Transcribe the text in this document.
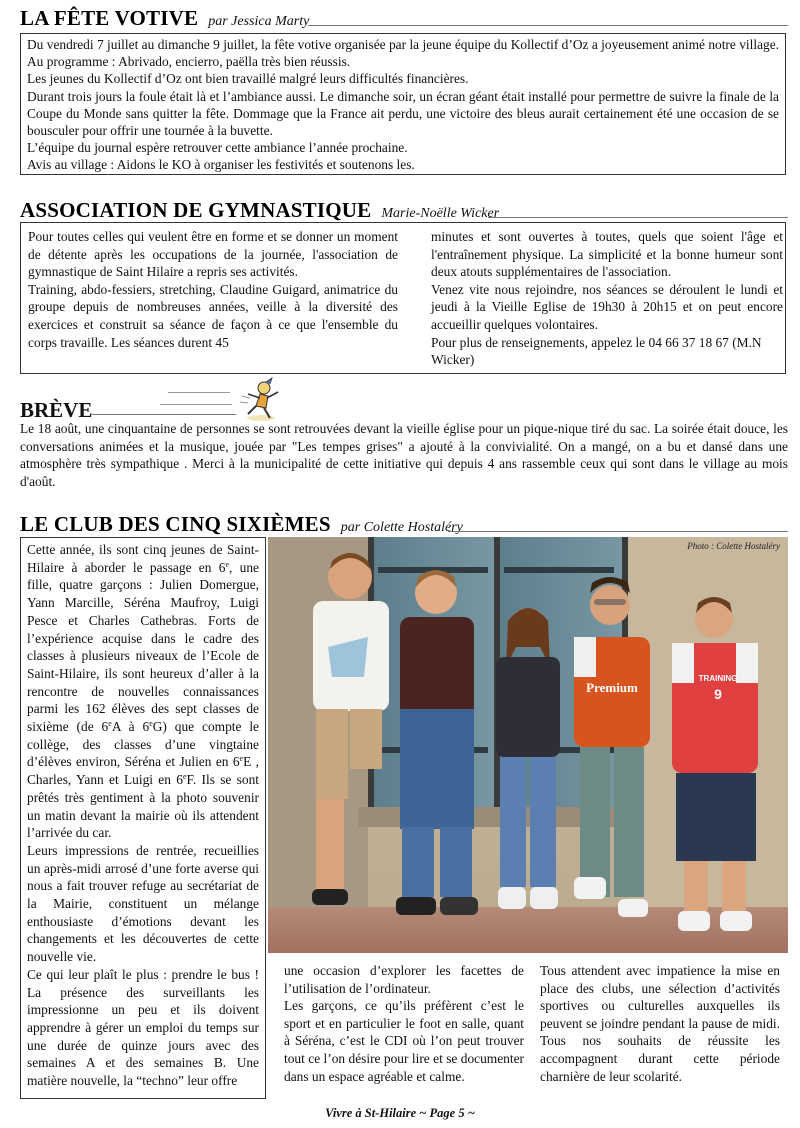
LA FÊTE VOTIVE par Jessica Marty

Du vendredi 7 juillet au dimanche 9 juillet, la fête votive organisée par la jeune équipe du Kollectif d’Oz a joyeusement animé notre village. Au programme : Abrivado, encierro, paëlla très bien réussis.

Les jeunes du Kollectif d’Oz ont bien travaillé malgré leurs difficultés financières.

Durant trois jours la foule était là et l’ambiance aussi. Le dimanche soir, un écran géant était installé pour permettre de suivre la finale de la Coupe du Monde sans quitter la fête. Dommage que la France ait perdu, une victoire des bleus aurait certainement été une occasion de se bousculer pour offrir une tournée à la buvette.

L’équipe du journal espère retrouver cette ambiance l’année prochaine.

Avis au village : Aidons le KO à organiser les festivités et soutenons les.

ASSOCIATION DE GYMNASTIQUE Marie-Noëlle Wicker

Pour toutes celles qui veulent être en forme et se donner un moment de détente après les occupations de la journée, l'association de gymnastique de Saint Hilaire a repris ses activités.

Training, abdo-fessiers, stretching, Claudine Guigard, animatrice du groupe depuis de nombreuses années, veille à la diversité des exercices et construit sa séance de façon à ce que l'ensemble du corps travaille. Les séances durent 45

minutes et sont ouvertes à toutes, quels que soient l'âge et l'entraînement physique. La simplicité et la bonne humeur sont deux atouts supplémentaires de l'association.

Venez vite nous rejoindre, nos séances se déroulent le lundi et jeudi à la Vieille Eglise de 19h30 à 20h15 et on peut encore accueillir quelques volontaires.

Pour plus de renseignements, appelez le 04 66 37 18 67 (M.N Wicker)

BRÈVE

Le 18 août, une cinquantaine de personnes se sont retrouvées devant la vieille église pour un pique-nique tiré du sac. La soirée était douce, les conversations animées et la musique, jouée par "Les tempes grises" a ajouté à la convivialité. On a mangé, on a bu et dansé dans une atmosphère très sympathique . Merci à la municipalité de cette initiative qui depuis 4 ans rassemble ceux qui sont dans le village au mois d'août.

LE CLUB DES CINQ SIXIÈMES par Colette Hostaléry

Cette année, ils sont cinq jeunes de Saint-Hilaire à aborder le passage en 6e, une fille, quatre garçons : Julien Domergue, Yann Marcille, Séréna Maufroy, Luigi Pesce et Charles Cathebras. Forts de l’expérience acquise dans le cadre des classes à plusieurs niveaux de l’Ecole de Saint-Hilaire, ils sont heureux d’aller à la rencontre de nouvelles connaissances parmi les 162 élèves des sept classes de sixième (de 6eA à 6eG) que compte le collège, des classes d’une vingtaine d’élèves environ, Séréna et Julien en 6eE , Charles, Yann et Luigi en 6eF. Ils se sont prêtés très gentiment à la photo souvenir un matin devant la mairie où ils attendent l’arrivée du car.

Leurs impressions de rentrée, recueillies un après-midi arrosé d’une forte averse qui nous a fait trouver refuge au secrétariat de la Mairie, constituent un mélange enthousiaste d’émotions devant les changements et les découvertes de cette nouvelle vie.

Ce qui leur plaît le plus : prendre le bus ! La présence des surveillants les impressionne un peu et ils doivent apprendre à gérer un emploi du temps sur une durée de quinze jours avec des semaines A et des semaines B. Une matière nouvelle, la “techno” leur offre

Premium
TRAINING
9
Photo : Colette Hostaléry

une occasion d’explorer les facettes de l’utilisation de l’ordinateur.

Les garçons, ce qu’ils préfèrent c’est le sport et en particulier le foot en salle, quant à Séréna, c’est le CDI où l’on peut trouver tout ce l’on désire pour lire et se documenter dans un espace agréable et calme.

Tous attendent avec impatience la mise en place des clubs, une sélection d’activités sportives ou culturelles auxquelles ils peuvent se joindre pendant la pause de midi. Tous nos souhaits de réussite les accompagnent durant cette période charnière de leur scolarité.

Vivre à St-Hilaire ~ Page 5 ~
